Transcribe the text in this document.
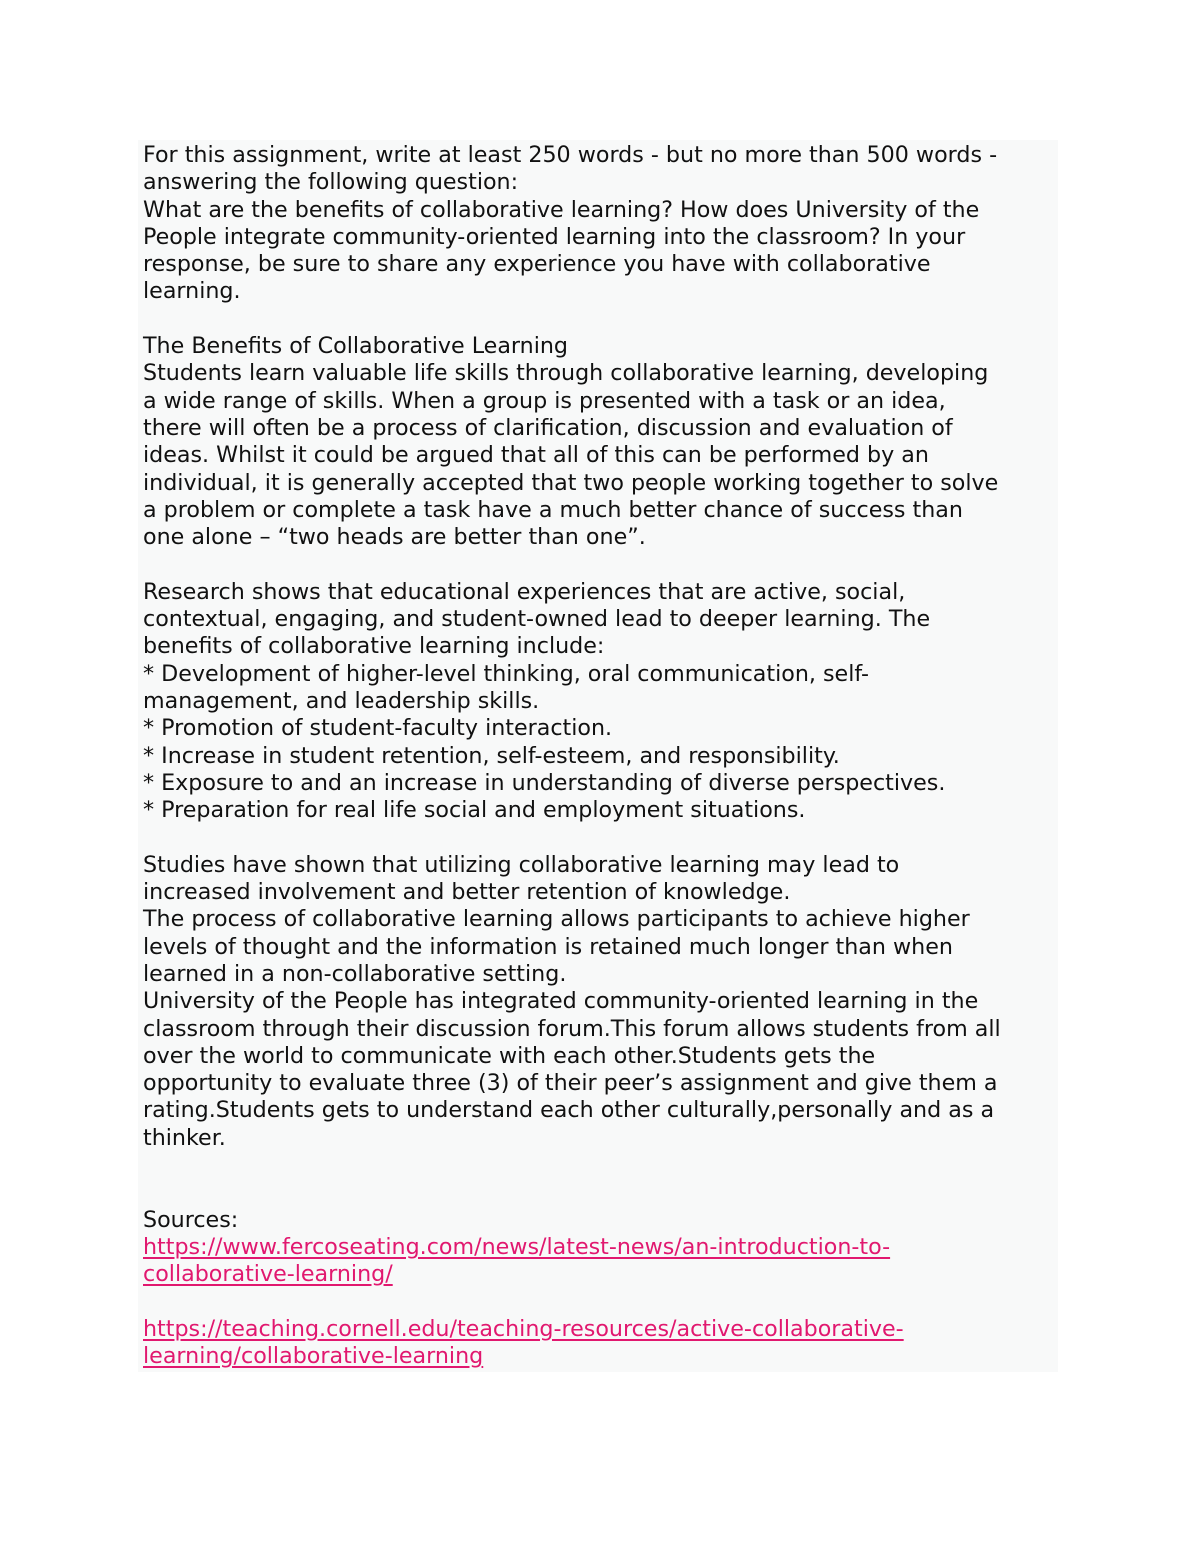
For this assignment, write at least 250 words - but no more than 500 words -
answering the following question:
What are the benefits of collaborative learning? How does University of the
People integrate community-oriented learning into the classroom? In your
response, be sure to share any experience you have with collaborative
learning.
The Benefits of Collaborative Learning
Students learn valuable life skills through collaborative learning, developing
a wide range of skills. When a group is presented with a task or an idea,
there will often be a process of clarification, discussion and evaluation of
ideas. Whilst it could be argued that all of this can be performed by an
individual, it is generally accepted that two people working together to solve
a problem or complete a task have a much better chance of success than
one alone – “two heads are better than one”.
Research shows that educational experiences that are active, social,
contextual, engaging, and student-owned lead to deeper learning. The
benefits of collaborative learning include:
* Development of higher-level thinking, oral communication, self-
management, and leadership skills.
* Promotion of student-faculty interaction.
* Increase in student retention, self-esteem, and responsibility.
* Exposure to and an increase in understanding of diverse perspectives.
* Preparation for real life social and employment situations.
Studies have shown that utilizing collaborative learning may lead to
increased involvement and better retention of knowledge.
The process of collaborative learning allows participants to achieve higher
levels of thought and the information is retained much longer than when
learned in a non-collaborative setting.
University of the People has integrated community-oriented learning in the
classroom through their discussion forum.This forum allows students from all
over the world to communicate with each other.Students gets the
opportunity to evaluate three (3) of their peer’s assignment and give them a
rating.Students gets to understand each other culturally,personally and as a
thinker.
Sources:
https://www.fercoseating.com/news/latest-news/an-introduction-to-
collaborative-learning/
https://teaching.cornell.edu/teaching-resources/active-collaborative-
learning/collaborative-learning
